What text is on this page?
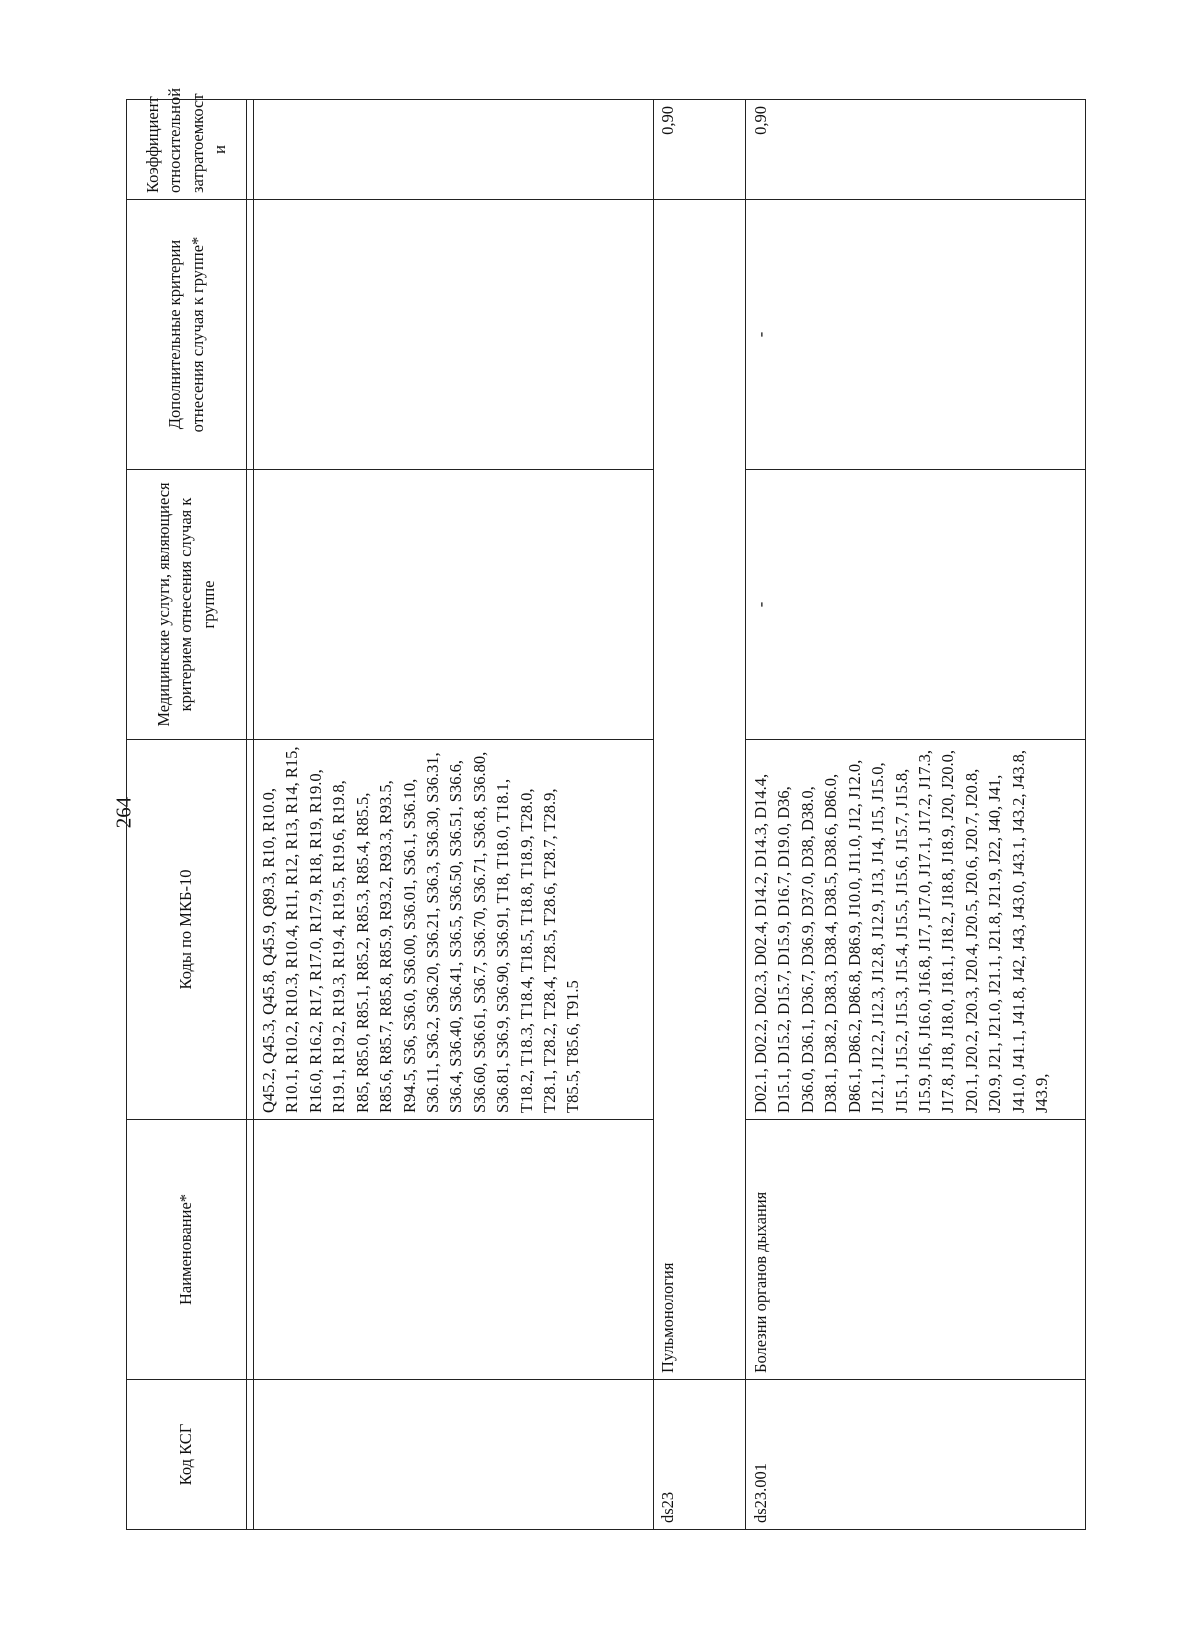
264
Код КСГ	Наименование*	Коды по МКБ-10	Медицинские услуги, являющиеся критерием отнесения случая к группе	Дополнительные критерии отнесения случая к группе*	Коэффициент относительной затратоемкост и

		Q45.2, Q45.3, Q45.8, Q45.9, Q89.3, R10, R10.0, R10.1, R10.2, R10.3, R10.4, R11, R12, R13, R14, R15, R16.0, R16.2, R17, R17.0, R17.9, R18, R19, R19.0, R19.1, R19.2, R19.3, R19.4, R19.5, R19.6, R19.8, R85, R85.0, R85.1, R85.2, R85.3, R85.4, R85.5, R85.6, R85.7, R85.8, R85.9, R93.2, R93.3, R93.5, R94.5, S36, S36.0, S36.00, S36.01, S36.1, S36.10, S36.11, S36.2, S36.20, S36.21, S36.3, S36.30, S36.31, S36.4, S36.40, S36.41, S36.5, S36.50, S36.51, S36.6, S36.60, S36.61, S36.7, S36.70, S36.71, S36.8, S36.80, S36.81, S36.9, S36.90, S36.91, T18, T18.0, T18.1, T18.2, T18.3, T18.4, T18.5, T18.8, T18.9, T28.0, T28.1, T28.2, T28.4, T28.5, T28.6, T28.7, T28.9, T85.5, T85.6, T91.5			
ds23	Пульмонология				0,90
ds23.001	Болезни органов дыхания	D02.1, D02.2, D02.3, D02.4, D14.2, D14.3, D14.4, D15.1, D15.2, D15.7, D15.9, D16.7, D19.0, D36, D36.0, D36.1, D36.7, D36.9, D37.0, D38, D38.0, D38.1, D38.2, D38.3, D38.4, D38.5, D38.6, D86.0, D86.1, D86.2, D86.8, D86.9, J10.0, J11.0, J12, J12.0, J12.1, J12.2, J12.3, J12.8, J12.9, J13, J14, J15, J15.0, J15.1, J15.2, J15.3, J15.4, J15.5, J15.6, J15.7, J15.8, J15.9, J16, J16.0, J16.8, J17, J17.0, J17.1, J17.2, J17.3, J17.8, J18, J18.0, J18.1, J18.2, J18.8, J18.9, J20, J20.0, J20.1, J20.2, J20.3, J20.4, J20.5, J20.6, J20.7, J20.8, J20.9, J21, J21.0, J21.1, J21.8, J21.9, J22, J40, J41, J41.0, J41.1, J41.8, J42, J43, J43.0, J43.1, J43.2, J43.8, J43.9,	-	-	0,90
